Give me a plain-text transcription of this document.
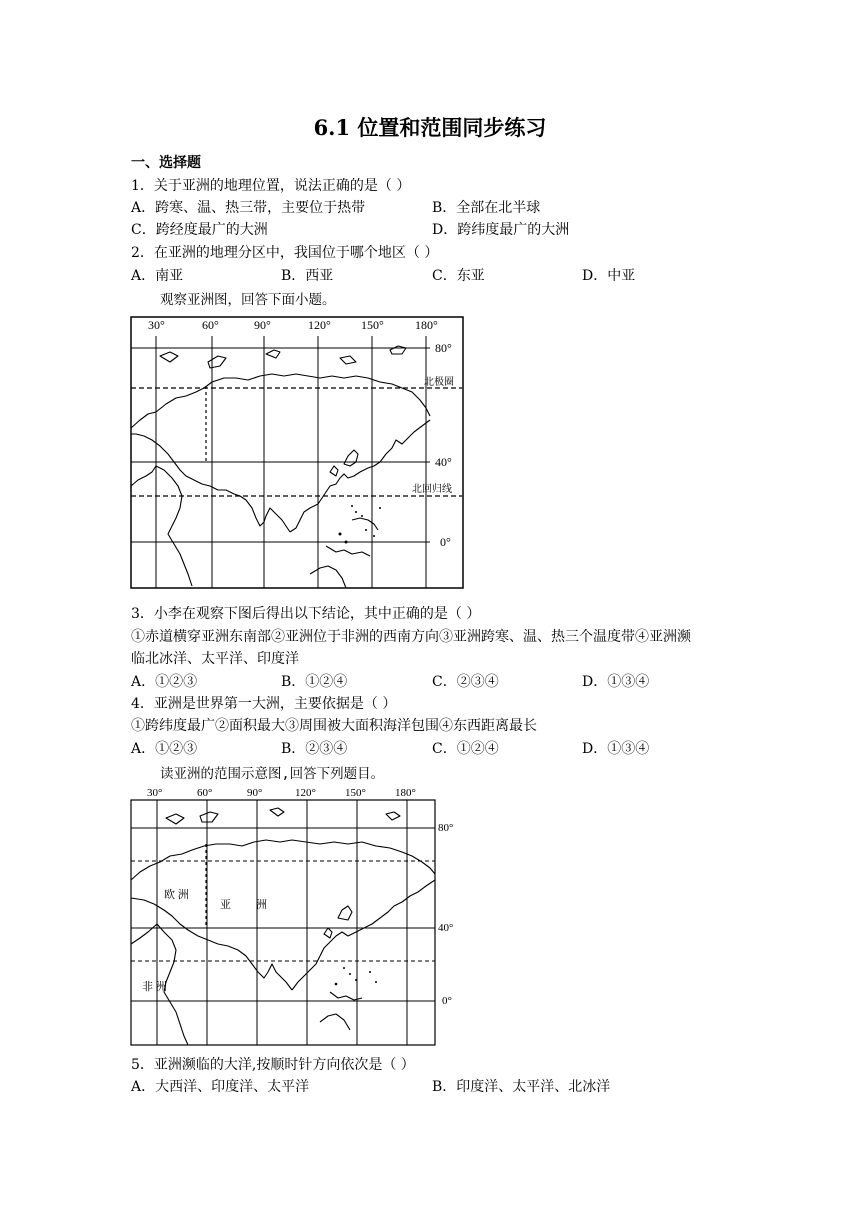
6.1 位置和范围同步练习
一、选择题
1．关于亚洲的地理位置，说法正确的是（ ）
A．跨寒、温、热三带，主要位于热带	B．全部在北半球
C．跨经度最广的大洲	D．跨纬度最广的大洲
2．在亚洲的地理分区中，我国位于哪个地区（ ）
A．南亚	B．西亚	C．东亚	D．中亚
观察亚洲图，回答下面小题。
30°	60°	90°	120°	150°	180°
80°
40°
0°
北极圈
北回归线
3．小李在观察下图后得出以下结论，其中正确的是（ ）
①赤道横穿亚洲东南部②亚洲位于非洲的西南方向③亚洲跨寒、温、热三个温度带④亚洲濒
临北冰洋、太平洋、印度洋
A．①②③	B．①②④	C．②③④	D．①③④
4．亚洲是世界第一大洲，主要依据是（ ）
①跨纬度最广②面积最大③周围被大面积海洋包围④东西距离最长
A．①②③	B．②③④	C．①②④	D．①③④
读亚洲的范围示意图,回答下列题目。
30°	60°	90°	120°	150°	180°
80°
40°
0°
欧 洲
亚 洲
非 洲
5．亚洲濒临的大洋,按顺时针方向依次是（ ）
A．大西洋、印度洋、太平洋	B．印度洋、太平洋、北冰洋
